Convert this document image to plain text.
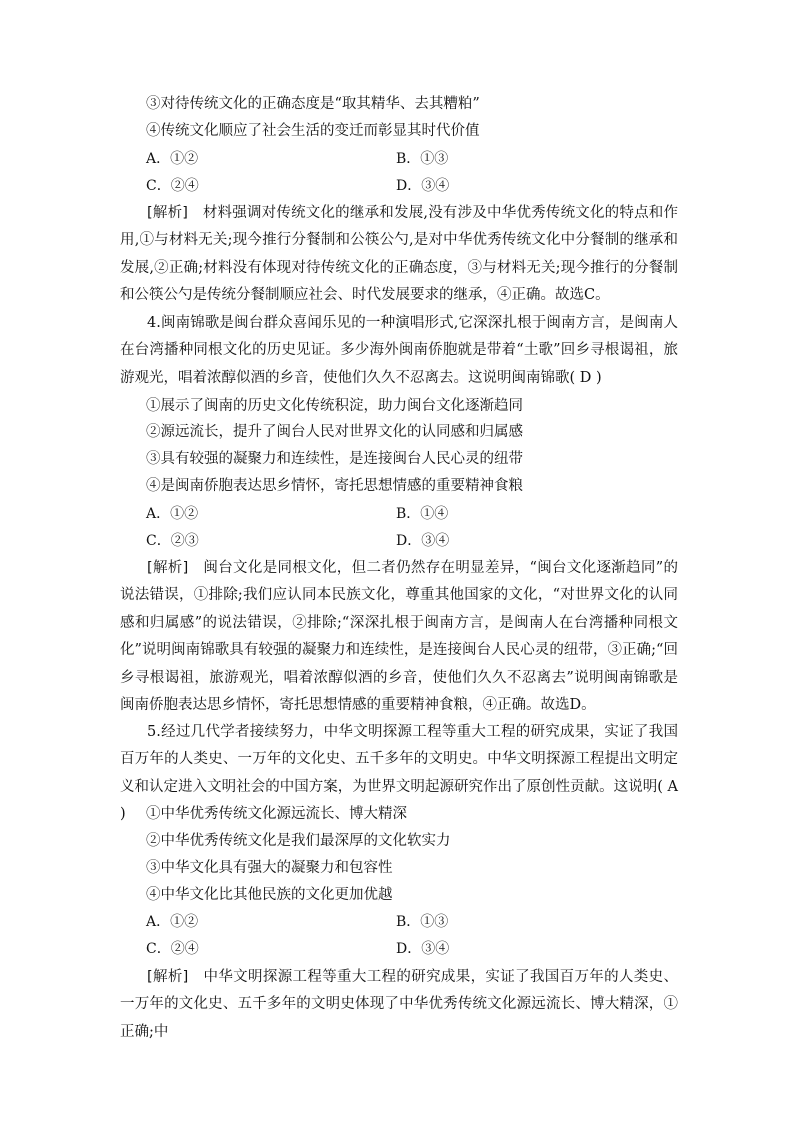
③对待传统文化的正确态度是“取其精华、去其糟粕”
④传统文化顺应了社会生活的变迁而彰显其时代价值
A．①②	B．①③
C．②④	D．③④
[解析]　材料强调对传统文化的继承和发展,没有涉及中华优秀传统文化的特点和作用,①与材料无关;现今推行分餐制和公筷公勺,是对中华优秀传统文化中分餐制的继承和发展,②正确;材料没有体现对待传统文化的正确态度，③与材料无关;现今推行的分餐制和公筷公勺是传统分餐制顺应社会、时代发展要求的继承，④正确。故选C。
4.闽南锦歌是闽台群众喜闻乐见的一种演唱形式,它深深扎根于闽南方言，是闽南人在台湾播种同根文化的历史见证。多少海外闽南侨胞就是带着“土歌”回乡寻根谒祖，旅游观光，唱着浓醇似酒的乡音，使他们久久不忍离去。这说明闽南锦歌( D )
①展示了闽南的历史文化传统积淀，助力闽台文化逐渐趋同
②源远流长，提升了闽台人民对世界文化的认同感和归属感
③具有较强的凝聚力和连续性，是连接闽台人民心灵的纽带
④是闽南侨胞表达思乡情怀，寄托思想情感的重要精神食粮
A．①②	B．①④
C．②③	D．③④
[解析]　闽台文化是同根文化，但二者仍然存在明显差异，“闽台文化逐渐趋同”的说法错误，①排除;我们应认同本民族文化，尊重其他国家的文化，“对世界文化的认同感和归属感”的说法错误，②排除;“深深扎根于闽南方言，是闽南人在台湾播种同根文化”说明闽南锦歌具有较强的凝聚力和连续性，是连接闽台人民心灵的纽带，③正确;“回乡寻根谒祖，旅游观光，唱着浓醇似酒的乡音，使他们久久不忍离去”说明闽南锦歌是闽南侨胞表达思乡情怀，寄托思想情感的重要精神食粮，④正确。故选D。
5.经过几代学者接续努力，中华文明探源工程等重大工程的研究成果，实证了我国百万年的人类史、一万年的文化史、五千多年的文明史。中华文明探源工程提出文明定义和认定进入文明社会的中国方案，为世界文明起源研究作出了原创性贡献。这说明( A )	①中华优秀传统文化源远流长、博大精深
②中华优秀传统文化是我们最深厚的文化软实力
③中华文化具有强大的凝聚力和包容性
④中华文化比其他民族的文化更加优越
A．①②	B．①③
C．②④	D．③④
[解析]　中华文明探源工程等重大工程的研究成果，实证了我国百万年的人类史、一万年的文化史、五千多年的文明史体现了中华优秀传统文化源远流长、博大精深，①正确;中
